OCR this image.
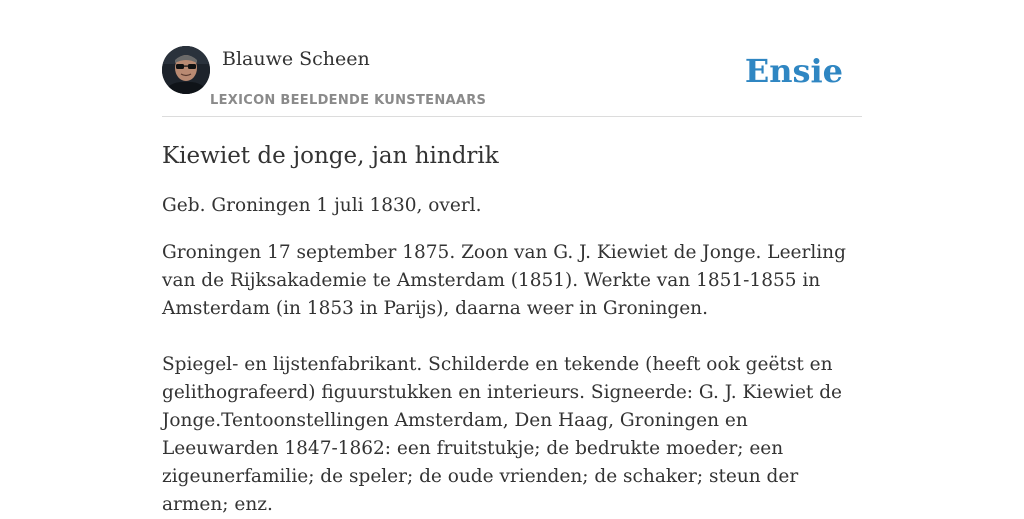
Blauwe Scheen
LEXICON BEELDENDE KUNSTENAARS
Ensie
Kiewiet de jonge, jan hindrik

Geb. Groningen 1 juli 1830, overl.

Groningen 17 september 1875. Zoon van G. J. Kiewiet de Jonge. Leerling van de Rijksakademie te Amsterdam (1851). Werkte van 1851-1855 in Amsterdam (in 1853 in Parijs), daarna weer in Groningen.

Spiegel- en lijstenfabrikant. Schilderde en tekende (heeft ook geëtst en gelithografeerd) figuurstukken en interieurs. Signeerde: G. J. Kiewiet de Jonge.Tentoonstellingen Amsterdam, Den Haag, Groningen en Leeuwarden 1847-1862: een fruitstukje; de bedrukte moeder; een zigeunerfamilie; de speler; de oude vrienden; de schaker; steun der armen; enz.
